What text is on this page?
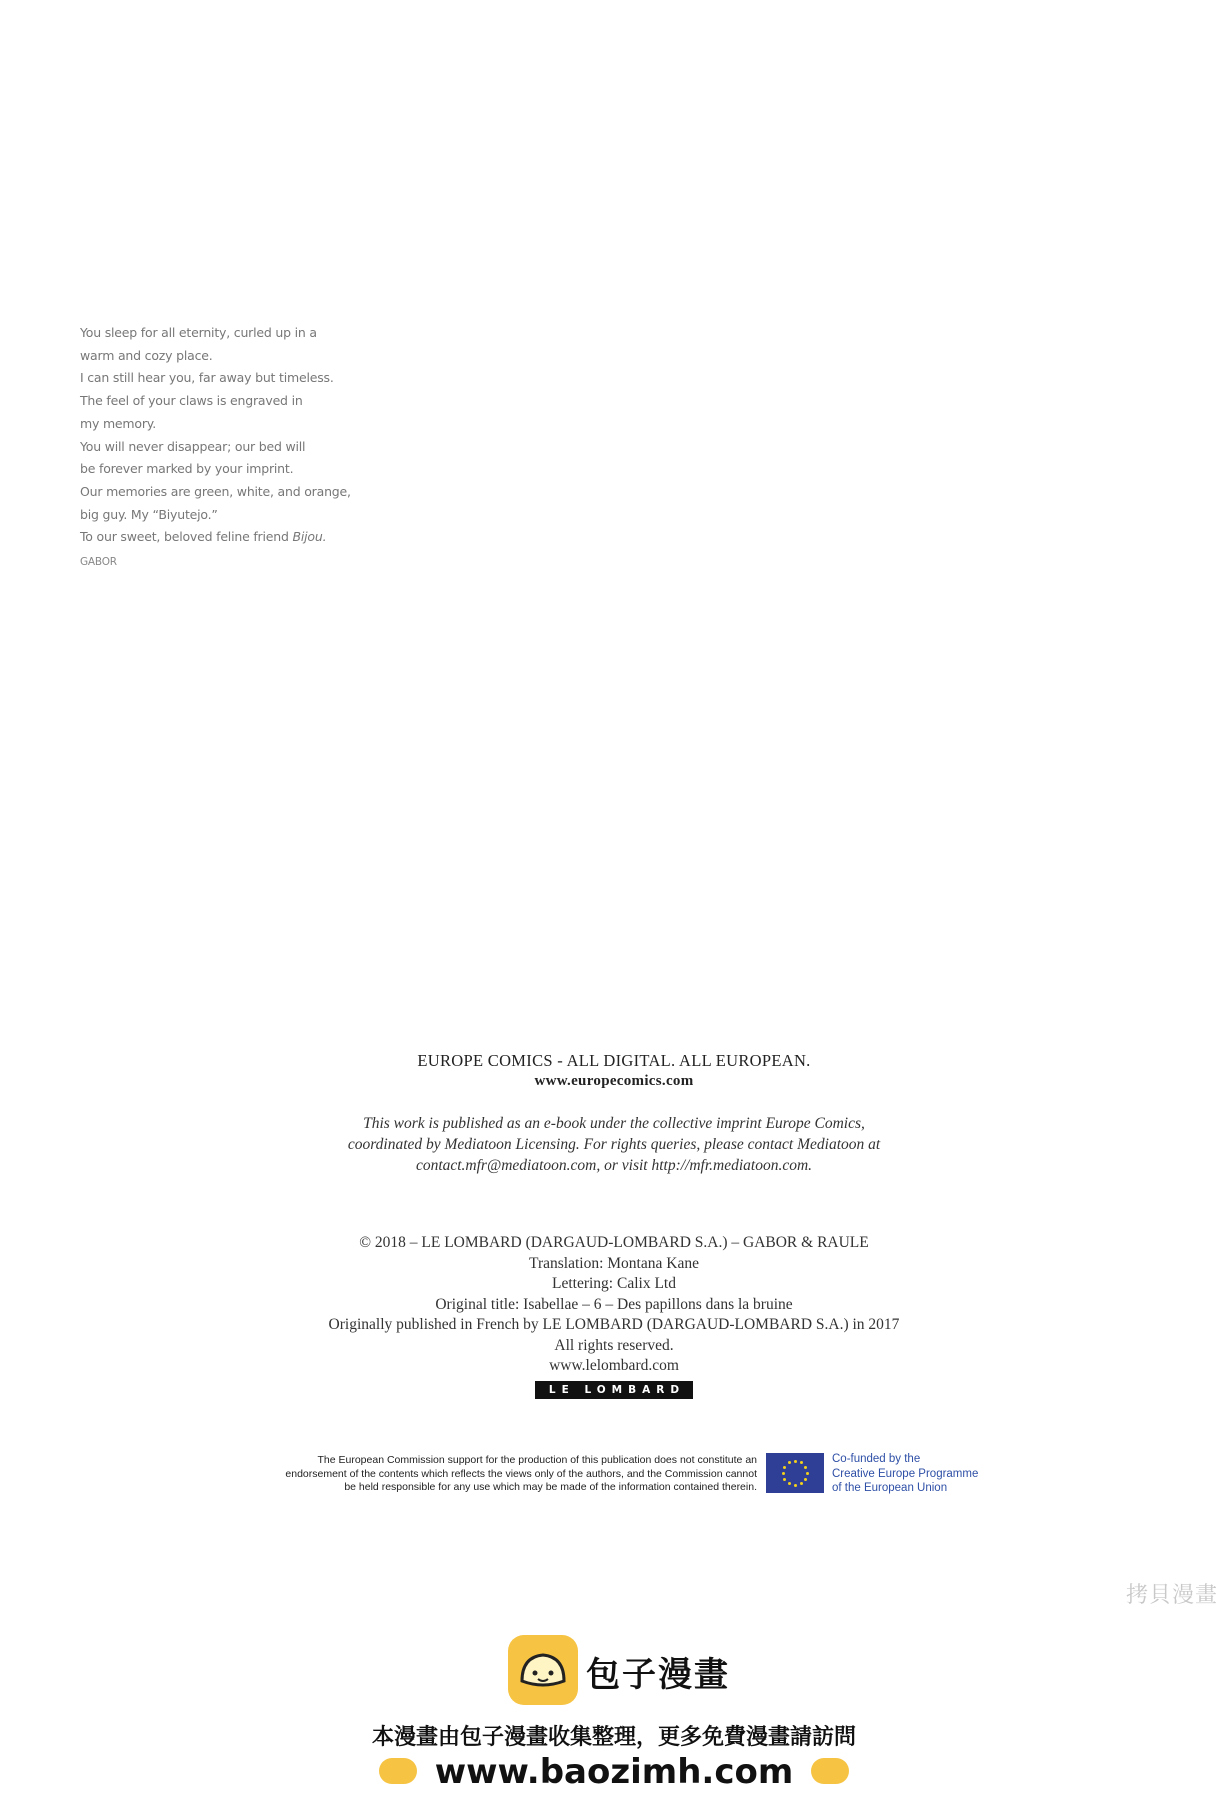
You sleep for all eternity, curled up in a
warm and cozy place.
I can still hear you, far away but timeless.
The feel of your claws is engraved in
my memory.
You will never disappear; our bed will
be forever marked by your imprint.
Our memories are green, white, and orange,
big guy. My “Biyutejo.”
To our sweet, beloved feline friend Bijou.
GABOR
EUROPE COMICS - ALL DIGITAL. ALL EUROPEAN.
www.europecomics.com
This work is published as an e-book under the collective imprint Europe Comics,
coordinated by Mediatoon Licensing. For rights queries, please contact Mediatoon at
contact.mfr@mediatoon.com, or visit http://mfr.mediatoon.com.
© 2018 – LE LOMBARD (DARGAUD-LOMBARD S.A.) – GABOR & RAULE
Translation: Montana Kane
Lettering: Calix Ltd
Original title: Isabellae – 6 – Des papillons dans la bruine
Originally published in French by LE LOMBARD (DARGAUD-LOMBARD S.A.) in 2017
All rights reserved.
www.lelombard.com
LE LOMBARD
The European Commission support for the production of this publication does not constitute an
endorsement of the contents which reflects the views only of the authors, and the Commission cannot
be held responsible for any use which may be made of the information contained therein.
Co-funded by the
Creative Europe Programme
of the European Union
拷貝漫畫
包子漫畫
本漫畫由包子漫畫收集整理，更多免費漫畫請訪問
www.baozimh.com
